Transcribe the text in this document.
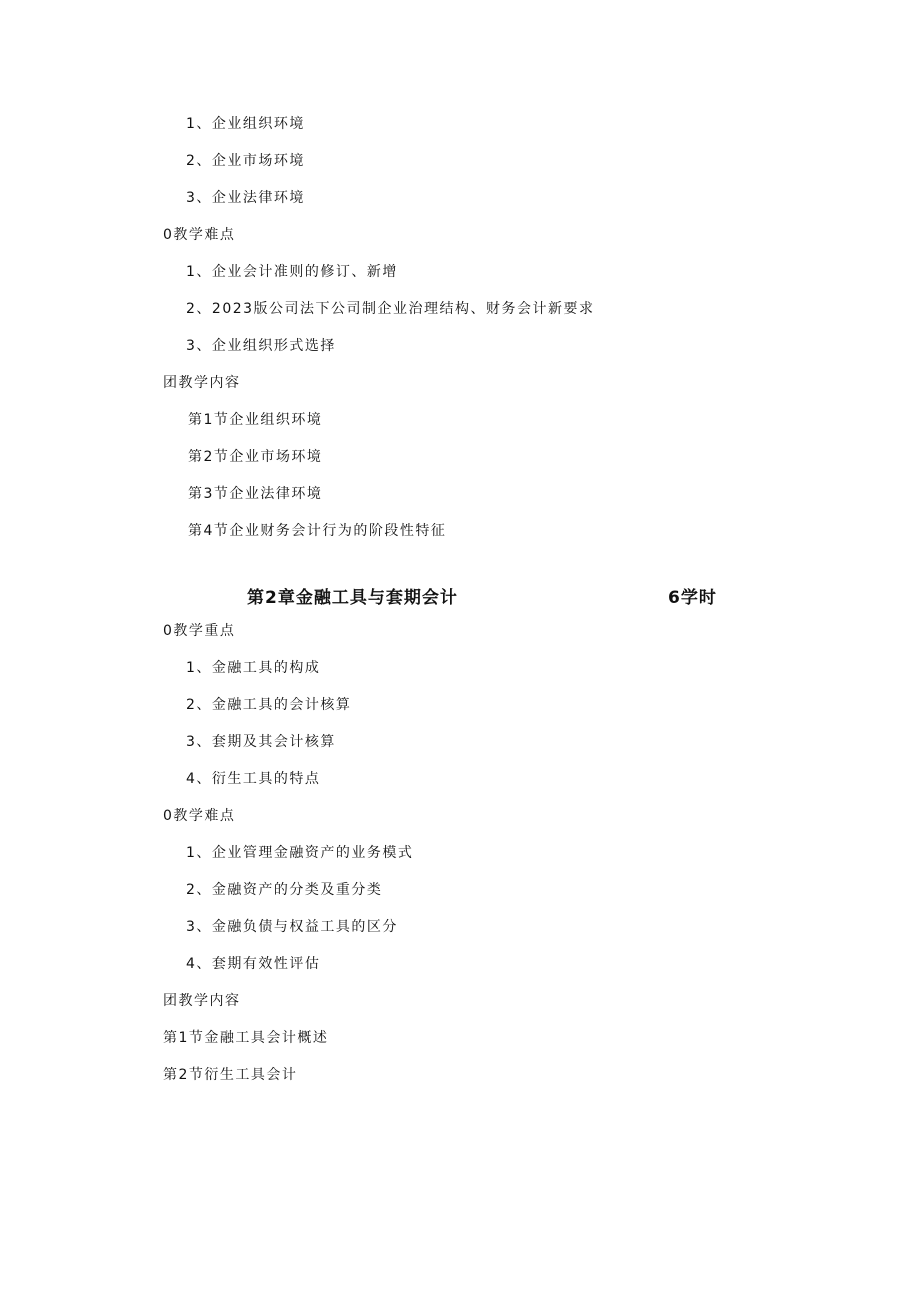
1、企业组织环境
2、企业市场环境
3、企业法律环境
0教学难点
1、企业会计准则的修订、新增
2、2023版公司法下公司制企业治理结构、财务会计新要求
3、企业组织形式选择
团教学内容
第1节企业组织环境
第2节企业市场环境
第3节企业法律环境
第4节企业财务会计行为的阶段性特征
第2章金融工具与套期会计	6学时
0教学重点
1、金融工具的构成
2、金融工具的会计核算
3、套期及其会计核算
4、衍生工具的特点
0教学难点
1、企业管理金融资产的业务模式
2、金融资产的分类及重分类
3、金融负债与权益工具的区分
4、套期有效性评估
团教学内容
第1节金融工具会计概述
第2节衍生工具会计
